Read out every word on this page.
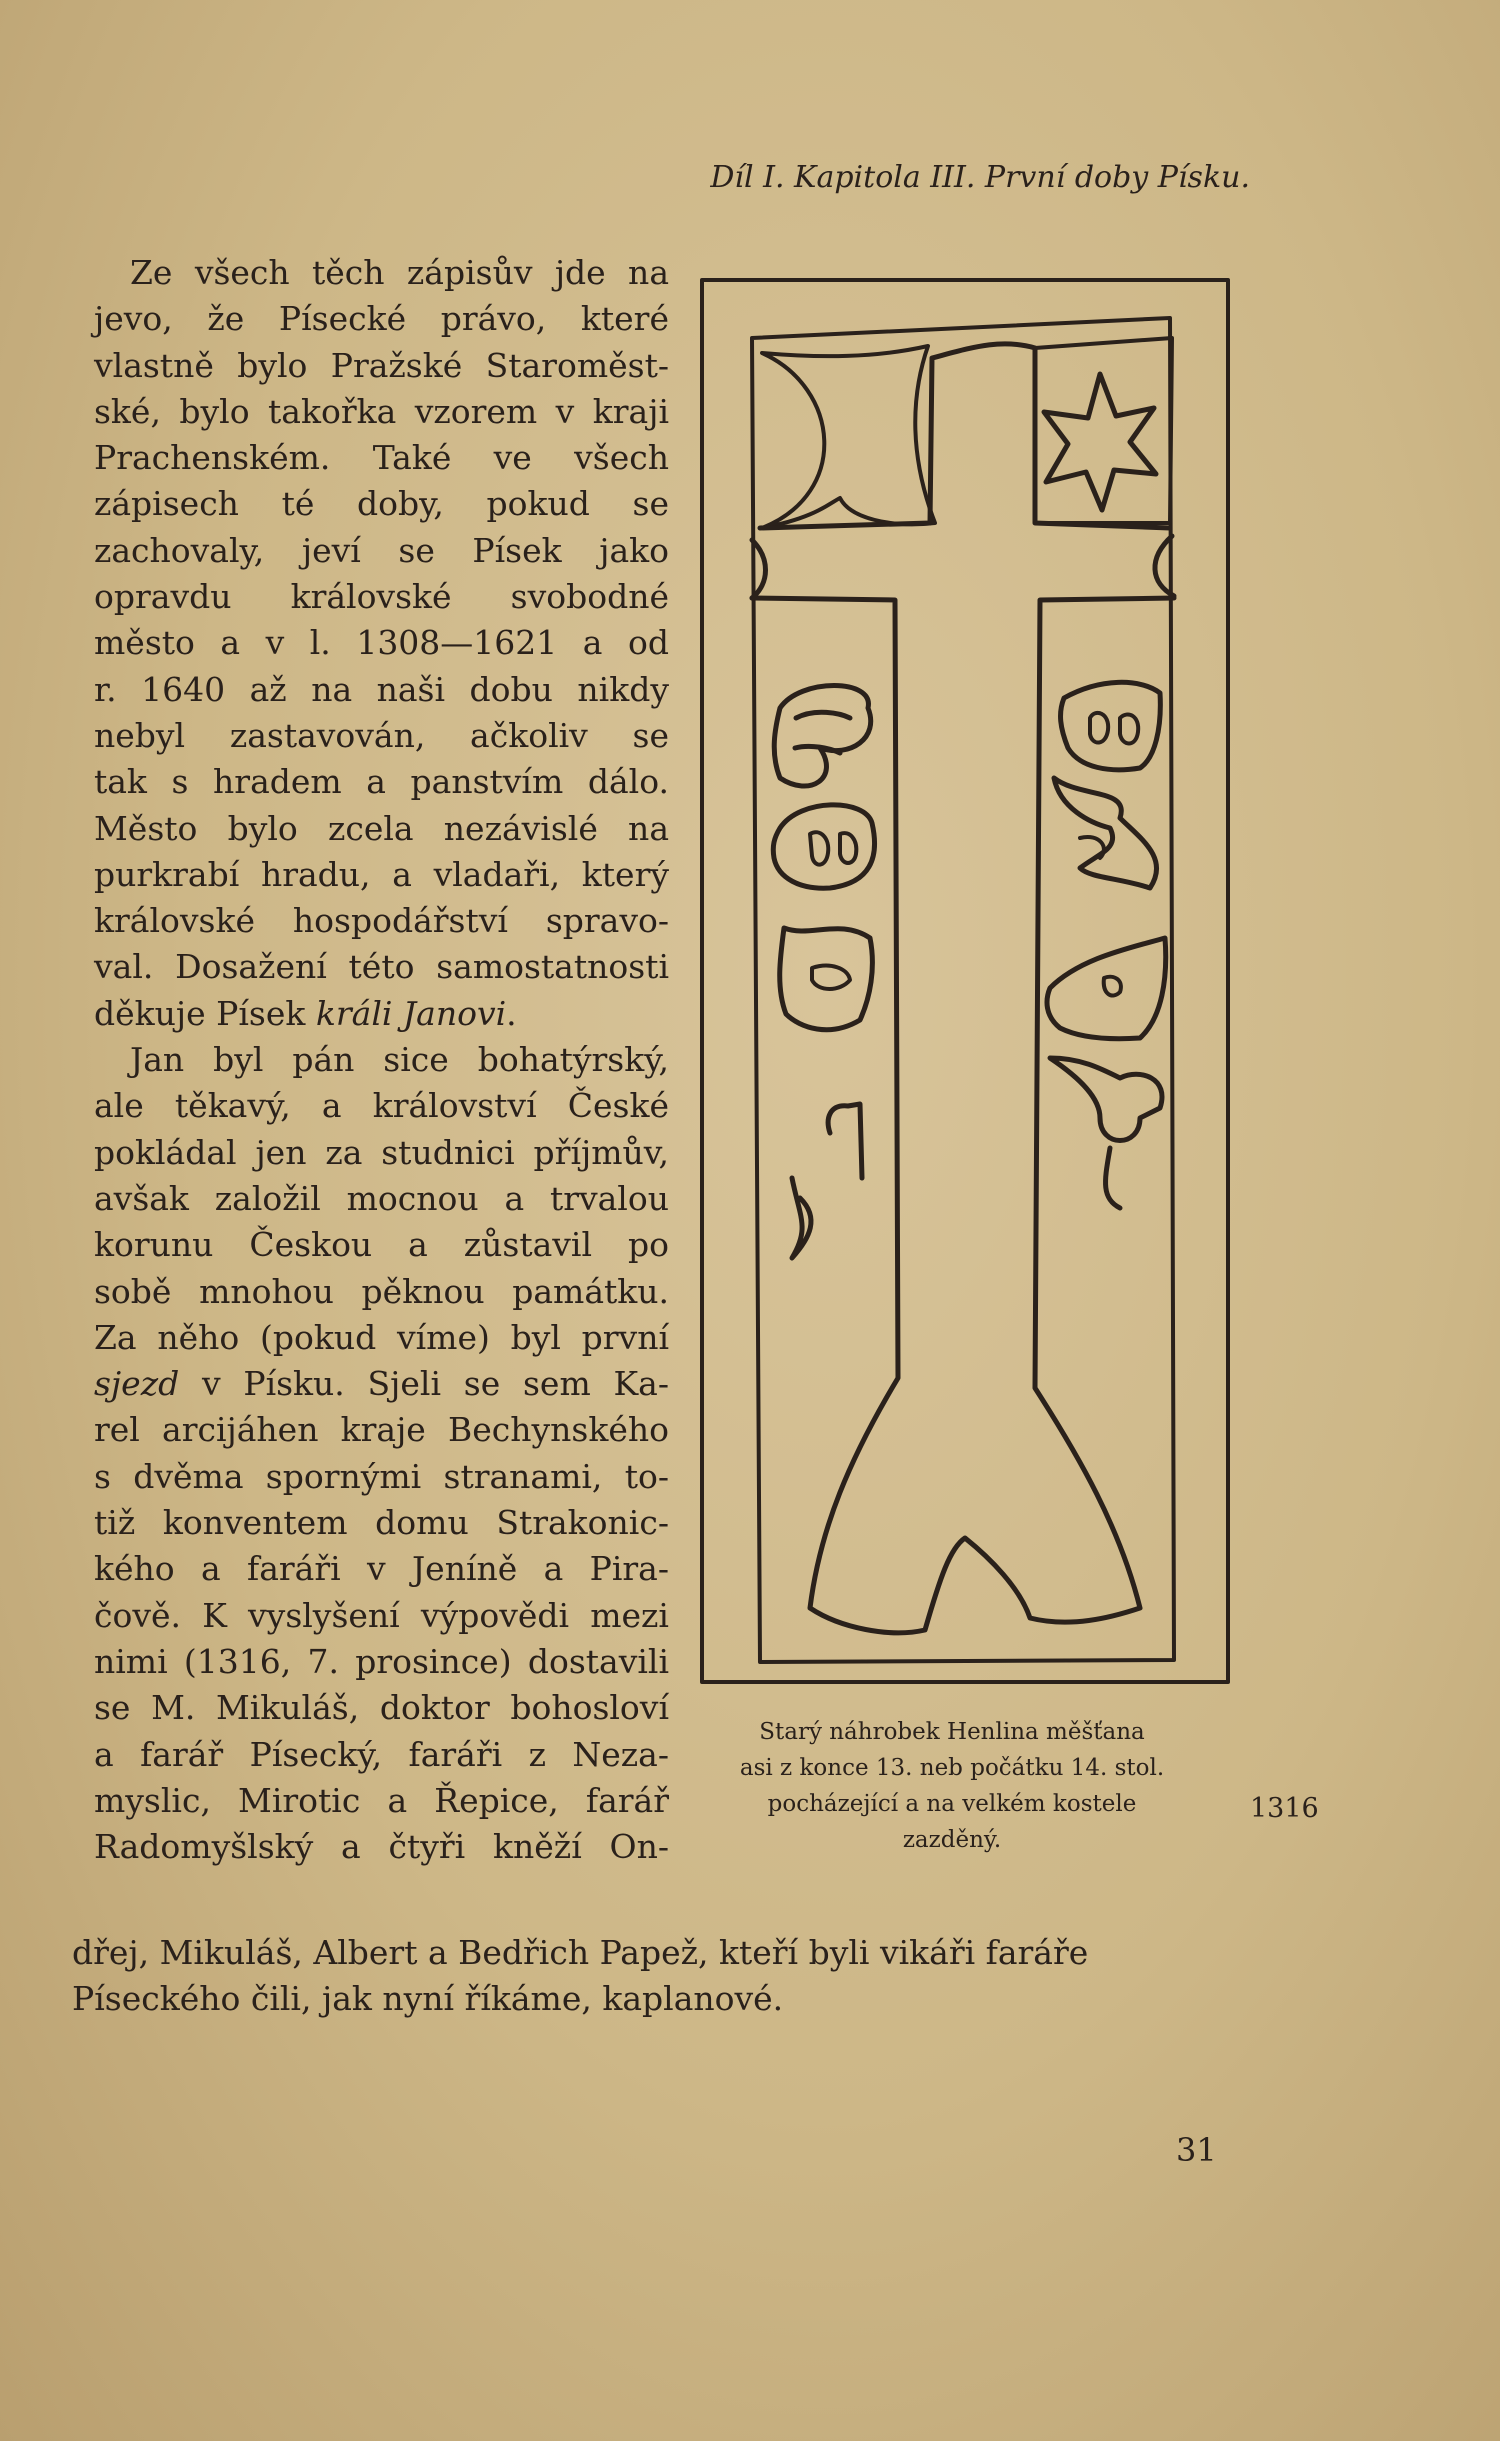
Díl I. Kapitola III. První doby Písku.
Ze všech těch zápisův jde na
jevo, že Písecké právo, které
vlastně bylo Pražské Staroměst-
ské, bylo takořka vzorem v kraji
Prachenském. Také ve všech
zápisech té doby, pokud se
zachovaly, jeví se Písek jako
opravdu královské svobodné
město a v l. 1308—1621 a od
r. 1640 až na naši dobu nikdy
nebyl zastavován, ačkoliv se
tak s hradem a panstvím dálo.
Město bylo zcela nezávislé na
purkrabí hradu, a vladaři, který
královské hospodářství spravo-
val. Dosažení této samostatnosti
děkuje Písek králi Janovi.
Jan byl pán sice bohatýrský,
ale těkavý, a království České
pokládal jen za studnici příjmův,
avšak založil mocnou a trvalou
korunu Českou a zůstavil po
sobě mnohou pěknou památku.
Za něho (pokud víme) byl první
sjezd v Písku. Sjeli se sem Ka-
rel arcijáhen kraje Bechynského
s dvěma spornými stranami, to-
tiž konventem domu Strakonic-
kého a faráři v Jeníně a Pira-
čově. K vyslyšení výpovědi mezi
nimi (1316, 7. prosince) dostavili
se M. Mikuláš, doktor bohosloví
a farář Písecký, faráři z Neza-
myslic, Mirotic a Řepice, farář
Radomyšlský a čtyři kněží On-
Starý náhrobek Henlina měšťana
asi z konce 13. neb počátku 14. stol.
pocházející a na velkém kostele
zazděný.
1316
dřej, Mikuláš, Albert a Bedřich Papež, kteří byli vikáři faráře
Píseckého čili, jak nyní říkáme, kaplanové.
31
